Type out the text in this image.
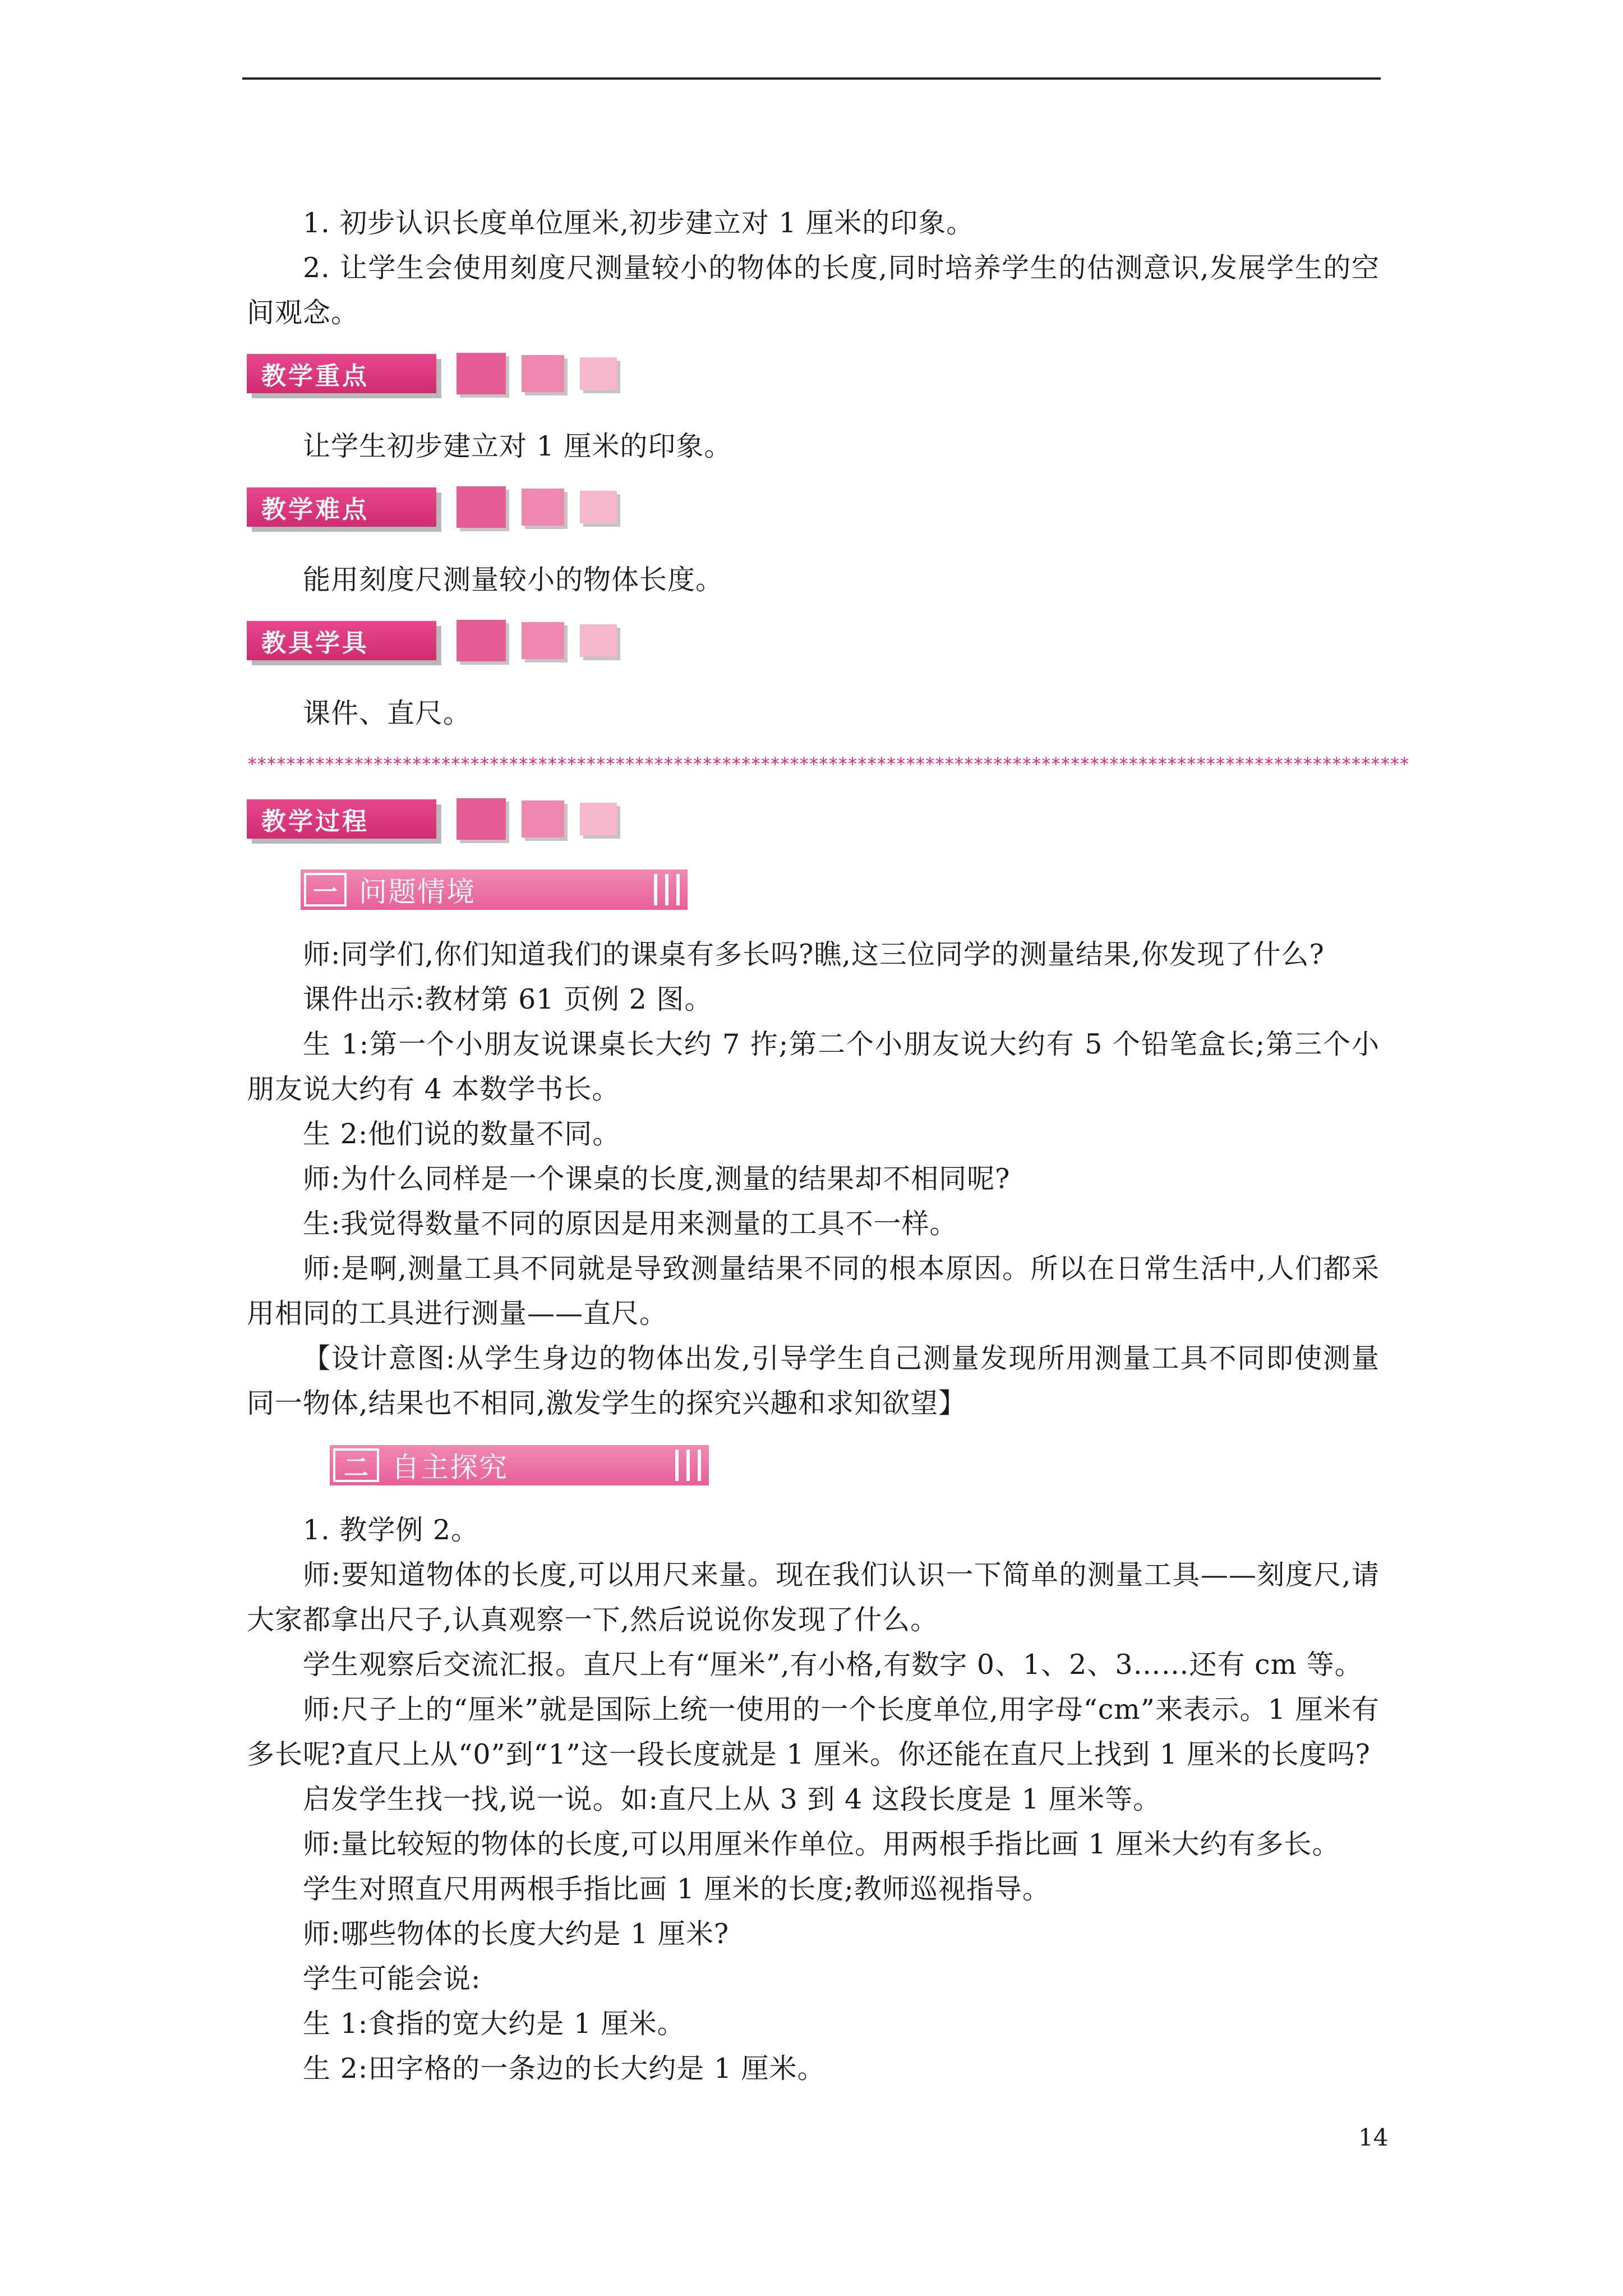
1. 初步认识长度单位厘米,初步建立对 1 厘米的印象。

2. 让学生会使用刻度尺测量较小的物体的长度,同时培养学生的估测意识,发展学生的空间观念。

教学重点

让学生初步建立对 1 厘米的印象。

教学难点

能用刻度尺测量较小的物体长度。

教具学具

课件、直尺。

************************************************************************************************************************
教学过程
一 问题情境

师:同学们,你们知道我们的课桌有多长吗?瞧,这三位同学的测量结果,你发现了什么?

课件出示:教材第 61 页例 2 图。

生 1:第一个小朋友说课桌长大约 7 拃;第二个小朋友说大约有 5 个铅笔盒长;第三个小朋友说大约有 4 本数学书长。

生 2:他们说的数量不同。

师:为什么同样是一个课桌的长度,测量的结果却不相同呢?

生:我觉得数量不同的原因是用来测量的工具不一样。

师:是啊,测量工具不同就是导致测量结果不同的根本原因。所以在日常生活中,人们都采用相同的工具进行测量——直尺。

【设计意图:从学生身边的物体出发,引导学生自己测量发现所用测量工具不同即使测量同一物体,结果也不相同,激发学生的探究兴趣和求知欲望】

二 自主探究

1. 教学例 2。

师:要知道物体的长度,可以用尺来量。现在我们认识一下简单的测量工具——刻度尺,请大家都拿出尺子,认真观察一下,然后说说你发现了什么。

学生观察后交流汇报。直尺上有“厘米”,有小格,有数字 0、1、2、3……还有 cm 等。

师:尺子上的“厘米”就是国际上统一使用的一个长度单位,用字母“cm”来表示。1 厘米有多长呢?直尺上从“0”到“1”这一段长度就是 1 厘米。你还能在直尺上找到 1 厘米的长度吗?

启发学生找一找,说一说。如:直尺上从 3 到 4 这段长度是 1 厘米等。

师:量比较短的物体的长度,可以用厘米作单位。用两根手指比画 1 厘米大约有多长。

学生对照直尺用两根手指比画 1 厘米的长度;教师巡视指导。

师:哪些物体的长度大约是 1 厘米?

学生可能会说:

生 1:食指的宽大约是 1 厘米。

生 2:田字格的一条边的长大约是 1 厘米。

14
